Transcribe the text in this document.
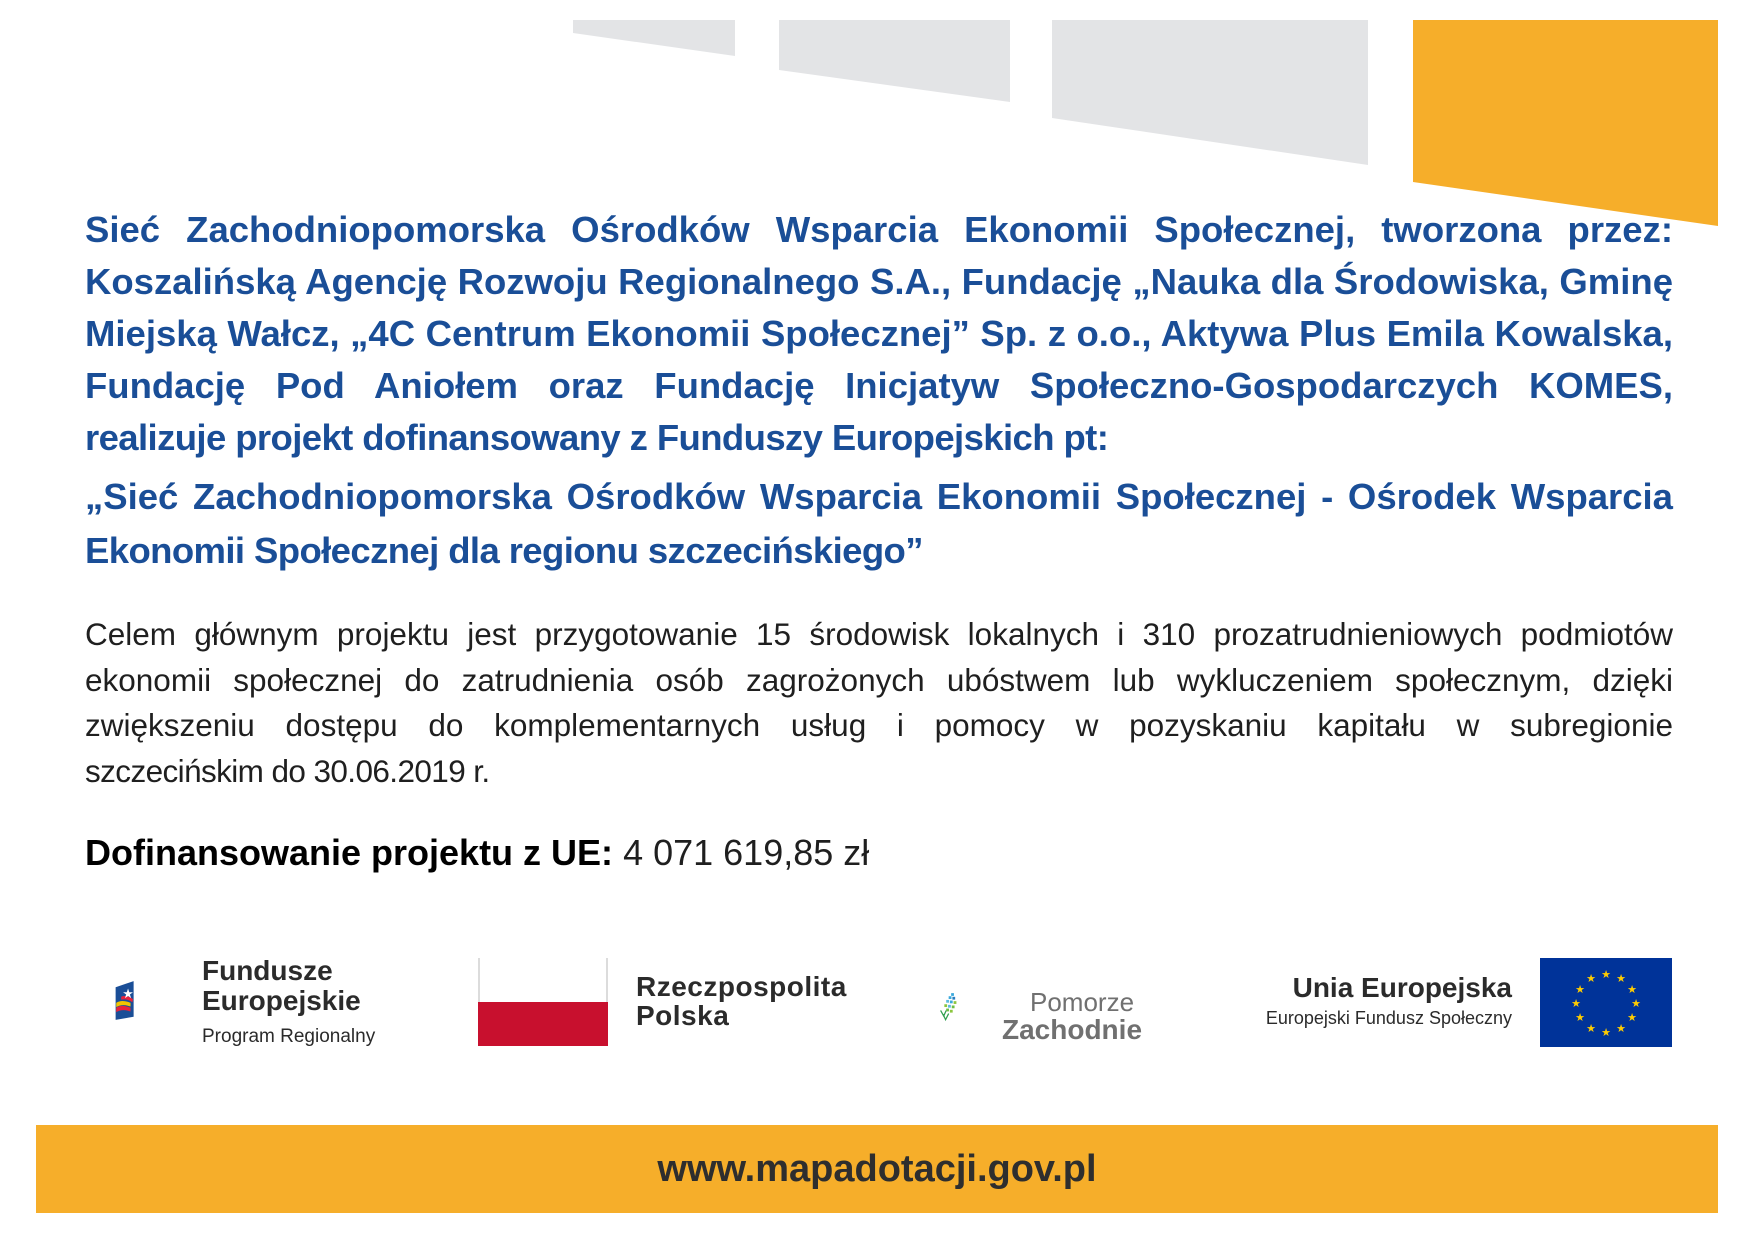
Sieć Zachodniopomorska Ośrodków Wsparcia Ekonomii Społecznej, tworzona przez:

Koszalińską Agencję Rozwoju Regionalnego S.A., Fundację „Nauka dla Środowiska, Gminę

Miejską Wałcz, „4C Centrum Ekonomii Społecznej” Sp. z o.o., Aktywa Plus Emila Kowalska,

Fundację Pod Aniołem oraz Fundację Inicjatyw Społeczno-Gospodarczych KOMES,

realizuje projekt dofinansowany z Funduszy Europejskich pt:

„Sieć Zachodniopomorska Ośrodków Wsparcia Ekonomii Społecznej - Ośrodek Wsparcia

Ekonomii Społecznej dla regionu szczecińskiego”

Celem głównym projektu jest przygotowanie 15 środowisk lokalnych i 310 prozatrudnieniowych podmiotów

ekonomii społecznej do zatrudnienia osób zagrożonych ubóstwem lub wykluczeniem społecznym, dzięki

zwiększeniu dostępu do komplementarnych usług i pomocy w pozyskaniu kapitału w subregionie

szczecińskim do 30.06.2019 r.

Dofinansowanie projektu z UE: 4 071 619,85 zł

Fundusze
Europejskie
Program Regionalny
Rzeczpospolita
Polska	Pomorze
Zachodnie
Unia Europejska
Europejski Fundusz Społeczny
★ ★
★
★
★
★
★
★
★
★
★
★
www.mapadotacji.gov.pl
